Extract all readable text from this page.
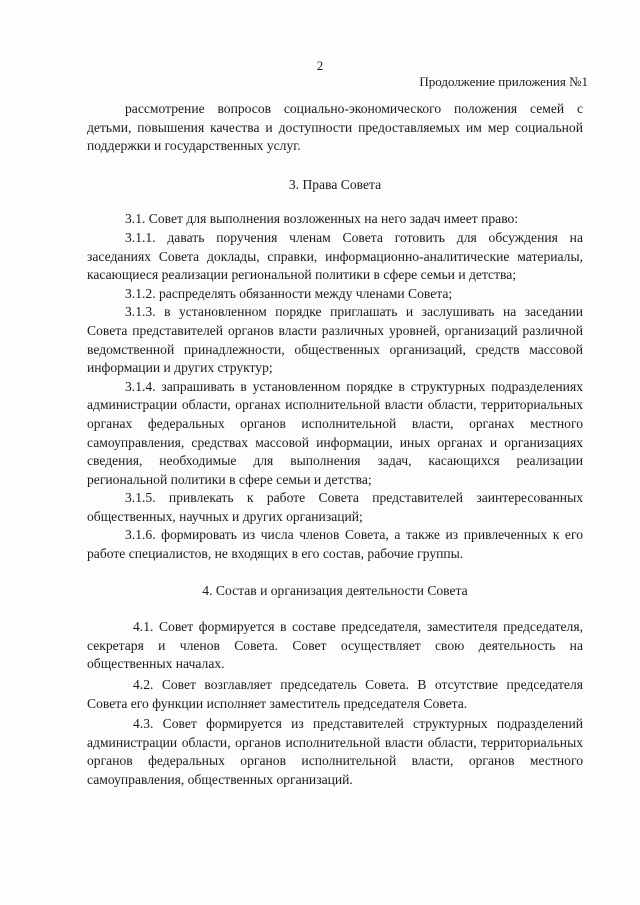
2
Продолжение приложения №1

рассмотрение вопросов социально-экономического положения семей с детьми, повышения качества и доступности предоставляемых им мер социальной поддержки и государственных услуг.

3. Права Совета

3.1. Совет для выполнения возложенных на него задач имеет право:

3.1.1. давать поручения членам Совета готовить для обсуждения на заседаниях Совета доклады, справки, информационно-аналитические материалы, касающиеся реализации региональной политики в сфере семьи и детства;

3.1.2. распределять обязанности между членами Совета;

3.1.3. в установленном порядке приглашать и заслушивать на заседании Совета представителей органов власти различных уровней, организаций различной ведомственной принадлежности, общественных организаций, средств массовой информации и других структур;

3.1.4. запрашивать в установленном порядке в структурных подразделениях администрации области, органах исполнительной власти области, территориальных органах федеральных органов исполнительной власти, органах местного самоуправления, средствах массовой информации, иных органах и организациях сведения, необходимые для выполнения задач, касающихся реализации региональной политики в сфере семьи и детства;

3.1.5. привлекать к работе Совета представителей заинтересованных общественных, научных и других организаций;

3.1.6. формировать из числа членов Совета, а также из привлеченных к его работе специалистов, не входящих в его состав, рабочие группы.

4. Состав и организация деятельности Совета

4.1. Совет формируется в составе председателя, заместителя председателя, секретаря и членов Совета. Совет осуществляет свою деятельность на общественных началах.

4.2. Совет возглавляет председатель Совета. В отсутствие председателя Совета его функции исполняет заместитель председателя Совета.

4.3. Совет формируется из представителей структурных подразделений администрации области, органов исполнительной власти области, территориальных органов федеральных органов исполнительной власти, органов местного самоуправления, общественных организаций.
